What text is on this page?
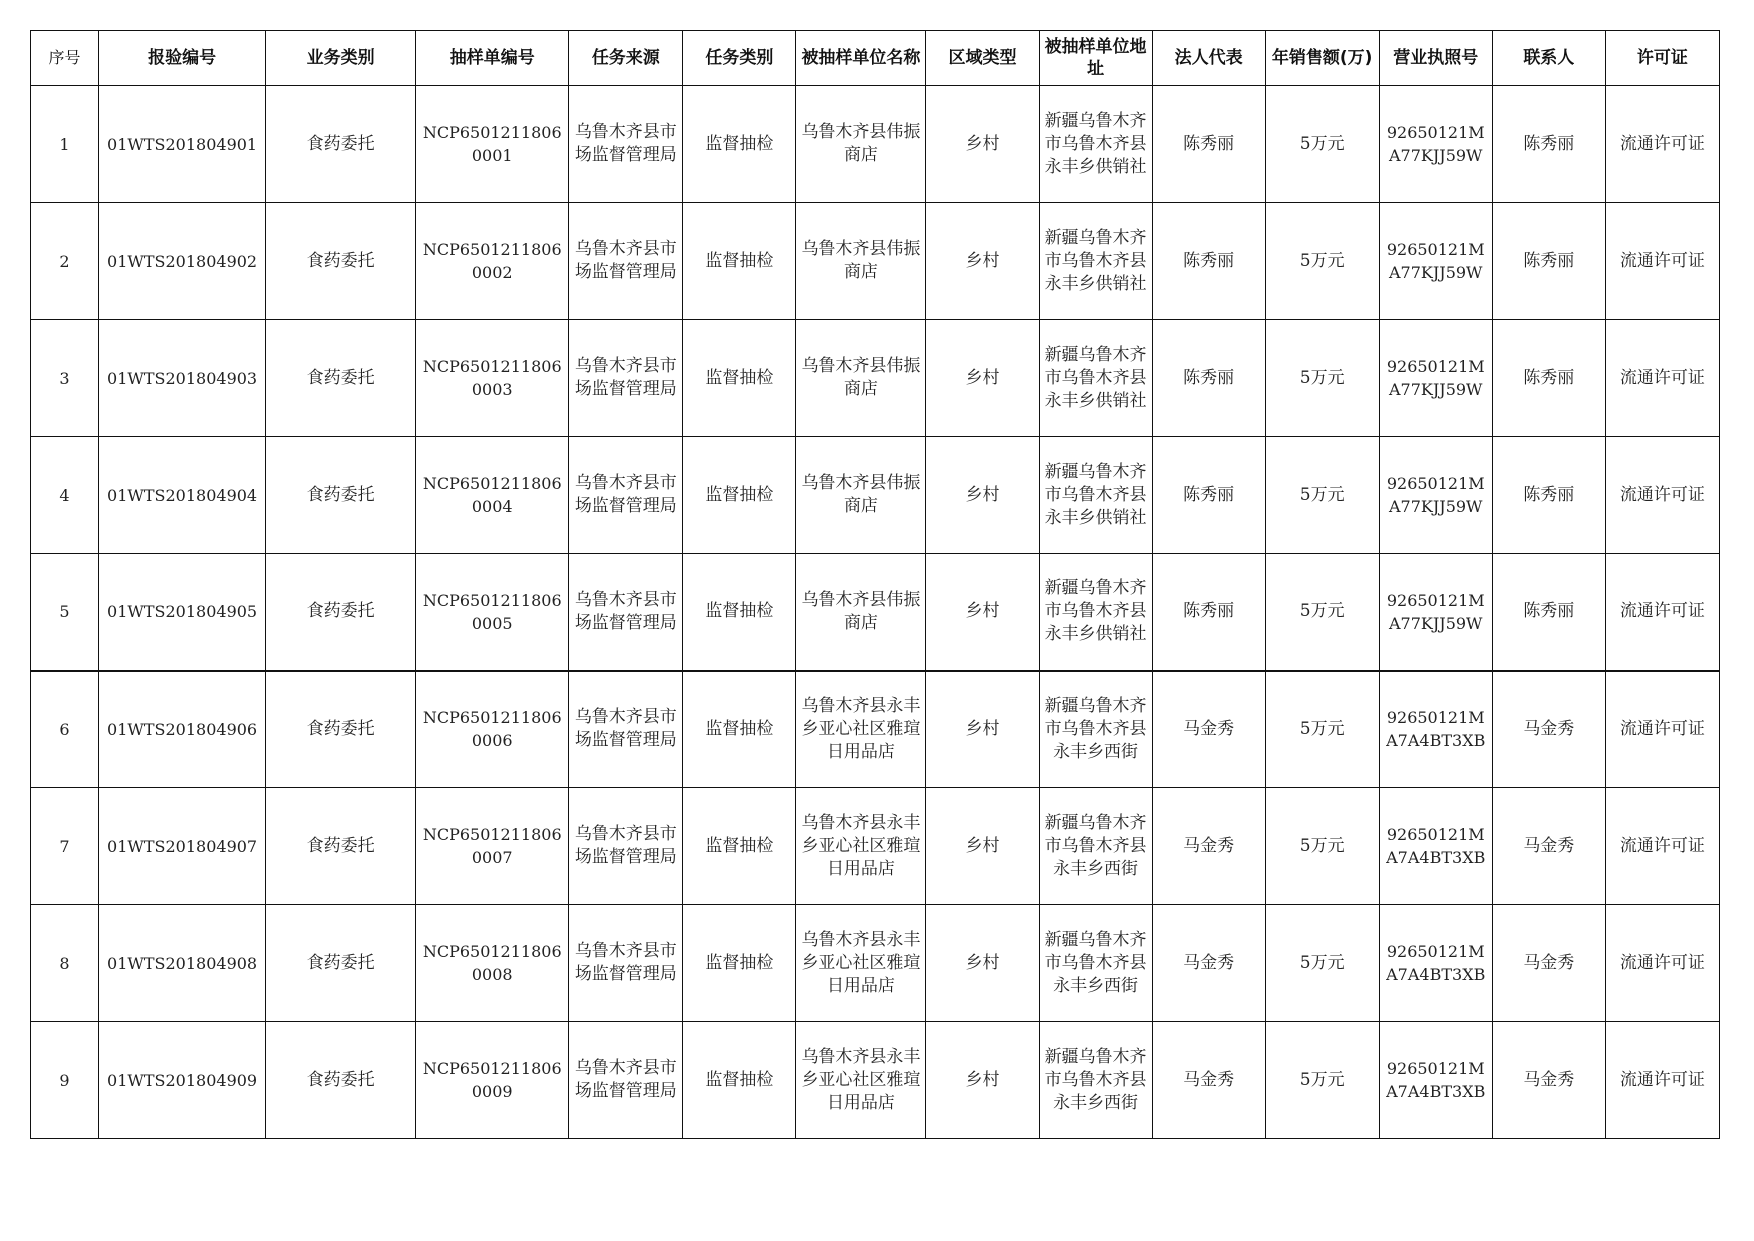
序号	报验编号	业务类别	抽样单编号	任务来源	任务类别	被抽样单位名称	区域类型	被抽样单位地址	法人代表	年销售额(万)	营业执照号	联系人	许可证
1	01WTS201804901	食药委托	NCP65012118060001	乌鲁木齐县市场监督管理局	监督抽检	乌鲁木齐县伟振商店	乡村	新疆乌鲁木齐市乌鲁木齐县永丰乡供销社	陈秀丽	5万元	92650121MA77KJJ59W	陈秀丽	流通许可证
2	01WTS201804902	食药委托	NCP65012118060002	乌鲁木齐县市场监督管理局	监督抽检	乌鲁木齐县伟振商店	乡村	新疆乌鲁木齐市乌鲁木齐县永丰乡供销社	陈秀丽	5万元	92650121MA77KJJ59W	陈秀丽	流通许可证
3	01WTS201804903	食药委托	NCP65012118060003	乌鲁木齐县市场监督管理局	监督抽检	乌鲁木齐县伟振商店	乡村	新疆乌鲁木齐市乌鲁木齐县永丰乡供销社	陈秀丽	5万元	92650121MA77KJJ59W	陈秀丽	流通许可证
4	01WTS201804904	食药委托	NCP65012118060004	乌鲁木齐县市场监督管理局	监督抽检	乌鲁木齐县伟振商店	乡村	新疆乌鲁木齐市乌鲁木齐县永丰乡供销社	陈秀丽	5万元	92650121MA77KJJ59W	陈秀丽	流通许可证
5	01WTS201804905	食药委托	NCP65012118060005	乌鲁木齐县市场监督管理局	监督抽检	乌鲁木齐县伟振商店	乡村	新疆乌鲁木齐市乌鲁木齐县永丰乡供销社	陈秀丽	5万元	92650121MA77KJJ59W	陈秀丽	流通许可证
6	01WTS201804906	食药委托	NCP65012118060006	乌鲁木齐县市场监督管理局	监督抽检	乌鲁木齐县永丰乡亚心社区雅瑄日用品店	乡村	新疆乌鲁木齐市乌鲁木齐县永丰乡西街	马金秀	5万元	92650121MA7A4BT3XB	马金秀	流通许可证
7	01WTS201804907	食药委托	NCP65012118060007	乌鲁木齐县市场监督管理局	监督抽检	乌鲁木齐县永丰乡亚心社区雅瑄日用品店	乡村	新疆乌鲁木齐市乌鲁木齐县永丰乡西街	马金秀	5万元	92650121MA7A4BT3XB	马金秀	流通许可证
8	01WTS201804908	食药委托	NCP65012118060008	乌鲁木齐县市场监督管理局	监督抽检	乌鲁木齐县永丰乡亚心社区雅瑄日用品店	乡村	新疆乌鲁木齐市乌鲁木齐县永丰乡西街	马金秀	5万元	92650121MA7A4BT3XB	马金秀	流通许可证
9	01WTS201804909	食药委托	NCP65012118060009	乌鲁木齐县市场监督管理局	监督抽检	乌鲁木齐县永丰乡亚心社区雅瑄日用品店	乡村	新疆乌鲁木齐市乌鲁木齐县永丰乡西街	马金秀	5万元	92650121MA7A4BT3XB	马金秀	流通许可证
